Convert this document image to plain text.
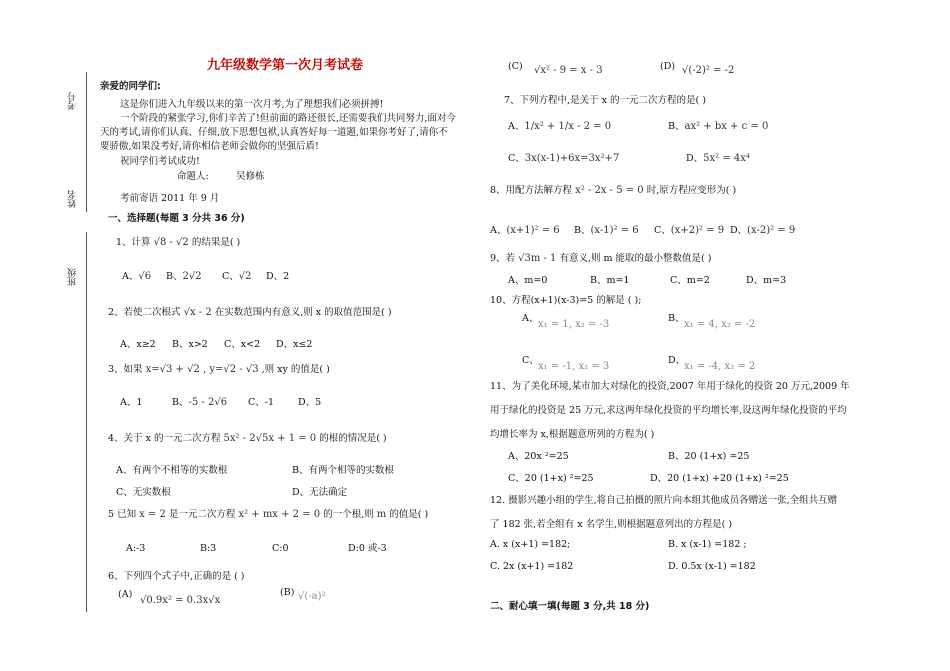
考号
姓名
班级
九年级数学第一次月考试卷
亲爱的同学们:
这是你们进入九年级以来的第一次月考,为了理想我们必须拼搏!
一个阶段的紧张学习,你们辛苦了!但前面的路还很长,还需要我们共同努力,面对今
天的考试,请你们认真、仔细,放下思想包袱,认真答好每一道题,如果你考好了,请你不
要骄傲,如果没考好,请你相信老师会做你的坚强后盾!
祝同学们考试成功!
命题人:	吴修栋
考前寄语 2011 年 9 月
一、选择题(每题 3 分共 36 分)
1、计算 √8 - √2 的结果是( )
A、√6 B、2√2 C、√2 D、2
2、若使二次根式 √x - 2 在实数范围内有意义,则 x 的取值范围是( )
A、x≥2 B、x>2 C、x<2 D、x≤2
3、如果 x=√3 + √2 , y=√2 - √3 ,则 xy 的值是( )
A、1	B、-5 - 2√6 C、-1	D、5
4、关于 x 的一元二次方程 5x² - 2√5x + 1 = 0 的根的情况是( )
A、有两个不相等的实数根	B、有两个相等的实数根
C、无实数根	D、无法确定
5 已知 x = 2 是一元二次方程 x² + mx + 2 = 0 的一个根,则 m 的值是( )
A:-3	B:3	C:0	D:0 或-3
6、下列四个式子中,正确的是 ( )
(A)
√0.9x² = 0.3x√x
(B) √(-a)²
(C) √x² - 9 = x - 3	(D) √(-2)² = -2
7、下列方程中,是关于 x 的一元二次方程的是( )
A、1/x² + 1/x - 2 = 0	B、ax² + bx + c = 0
C、3x(x-1)+6x=3x²+7	D、5x² = 4x⁴
8、用配方法解方程 x² - 2x - 5 = 0 时,原方程应变形为( )
A、(x+1)² = 6 B、(x-1)² = 6 C、(x+2)² = 9 D、(x-2)² = 9
9、若 √3m - 1 有意义,则 m 能取的最小整数值是( )
A、m=0	B、m=1	C、m=2	D、m=3
10、方程(x+1)(x-3)=5 的解是 ( );
A、
x₁ = 1, x₂ = -3
B、
x₁ = 4, x₂ = -2
C、
x₁ = -1, x₂ = 3
D、
x₁ = -4, x₂ = 2
11、为了美化环境,某市加大对绿化的投资,2007 年用于绿化的投资 20 万元,2009 年
用于绿化的投资是 25 万元,求这两年绿化投资的平均增长率,设这两年绿化投资的平均
均增长率为 x,根据题意所列的方程为( )
A、20x ²=25	B、20 (1+x) =25
C、20 (1+x) ²=25	D、20 (1+x) +20 (1+x) ²=25
12. 摄影兴趣小组的学生,将自己拍摄的照片向本组其他成员各赠送一张,全组共互赠
了 182 张,若全组有 x 名学生,则根据题意列出的方程是( )
A. x (x+1) =182;	B. x (x-1) =182 ;
C. 2x (x+1) =182	D. 0.5x (x-1) =182
二、耐心填一填(每题 3 分,共 18 分)
